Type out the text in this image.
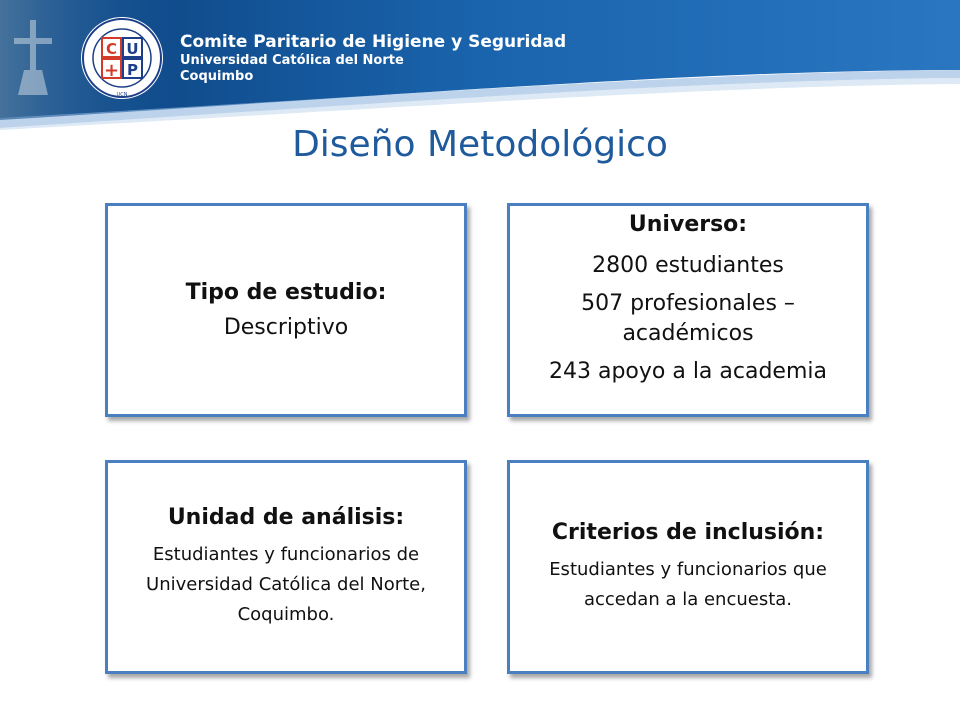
C U
+ P
UCN
Comite Paritario de Higiene y Seguridad
Universidad Católica del Norte
Coquimbo
Diseño Metodológico
Tipo de estudio:

Descriptivo

Universo:

2800 estudiantes

507 profesionales – académicos

243 apoyo a la academia

Unidad de análisis:

Estudiantes y funcionarios de Universidad Católica del Norte, Coquimbo.

Criterios de inclusión:

Estudiantes y funcionarios que accedan a la encuesta.
